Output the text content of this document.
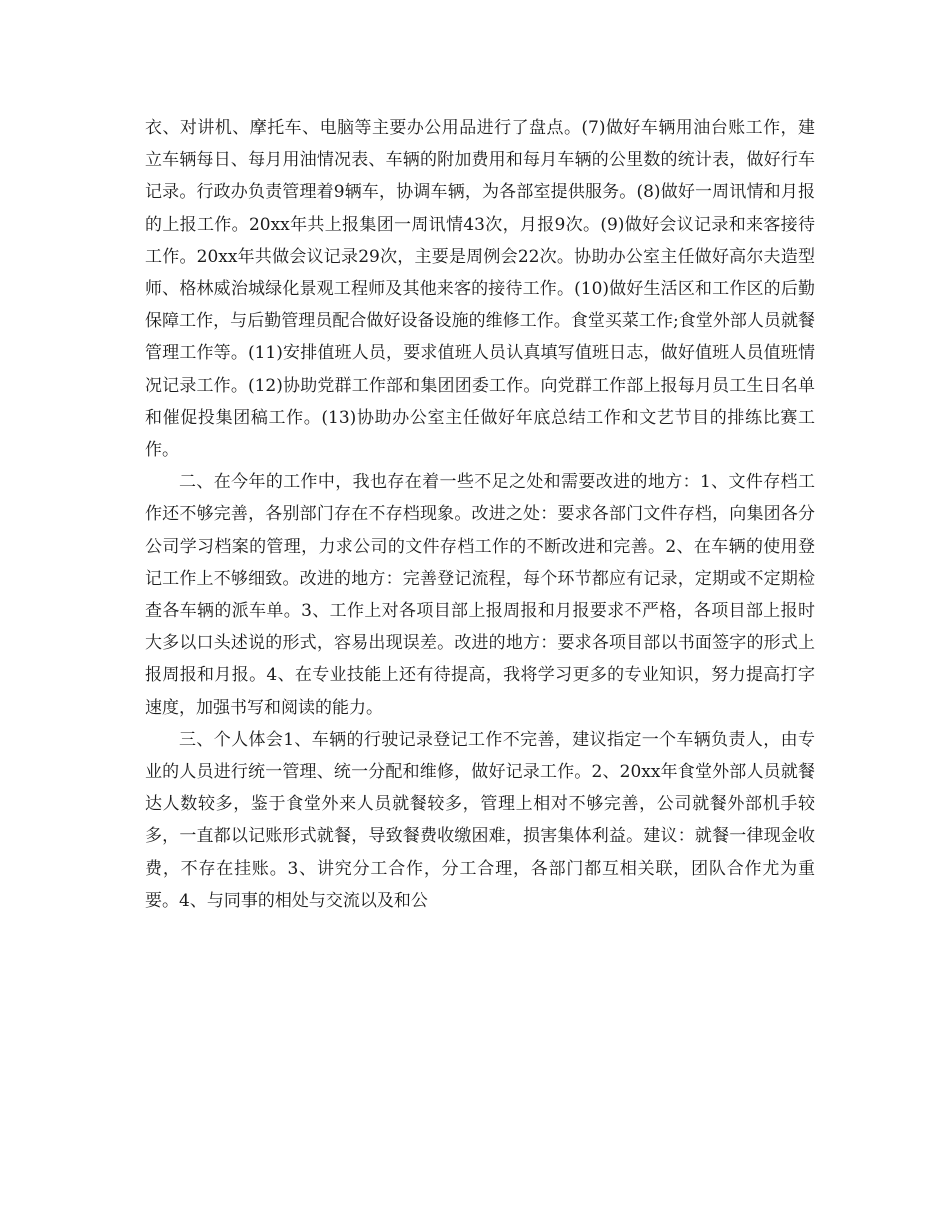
衣、对讲机、摩托车、电脑等主要办公用品进行了盘点。(7)做好车辆用油台账工作，建立车辆每日、每月用油情况表、车辆的附加费用和每月车辆的公里数的统计表，做好行车记录。行政办负责管理着9辆车，协调车辆，为各部室提供服务。(8)做好一周讯情和月报的上报工作。20xx年共上报集团一周讯情43次，月报9次。(9)做好会议记录和来客接待工作。20xx年共做会议记录29次，主要是周例会22次。协助办公室主任做好高尔夫造型师、格林威治城绿化景观工程师及其他来客的接待工作。(10)做好生活区和工作区的后勤保障工作，与后勤管理员配合做好设备设施的维修工作。食堂买菜工作;食堂外部人员就餐管理工作等。(11)安排值班人员，要求值班人员认真填写值班日志，做好值班人员值班情况记录工作。(12)协助党群工作部和集团团委工作。向党群工作部上报每月员工生日名单和催促投集团稿工作。(13)协助办公室主任做好年底总结工作和文艺节目的排练比赛工作。

二、在今年的工作中，我也存在着一些不足之处和需要改进的地方：1、文件存档工作还不够完善，各别部门存在不存档现象。改进之处：要求各部门文件存档，向集团各分公司学习档案的管理，力求公司的文件存档工作的不断改进和完善。2、在车辆的使用登记工作上不够细致。改进的地方：完善登记流程，每个环节都应有记录，定期或不定期检查各车辆的派车单。3、工作上对各项目部上报周报和月报要求不严格，各项目部上报时大多以口头述说的形式，容易出现误差。改进的地方：要求各项目部以书面签字的形式上报周报和月报。4、在专业技能上还有待提高，我将学习更多的专业知识，努力提高打字速度，加强书写和阅读的能力。

三、个人体会1、车辆的行驶记录登记工作不完善，建议指定一个车辆负责人，由专业的人员进行统一管理、统一分配和维修，做好记录工作。2、20xx年食堂外部人员就餐达人数较多，鉴于食堂外来人员就餐较多，管理上相对不够完善，公司就餐外部机手较多，一直都以记账形式就餐，导致餐费收缴困难，损害集体利益。建议：就餐一律现金收费，不存在挂账。3、讲究分工合作，分工合理，各部门都互相关联，团队合作尤为重要。4、与同事的相处与交流以及和公
